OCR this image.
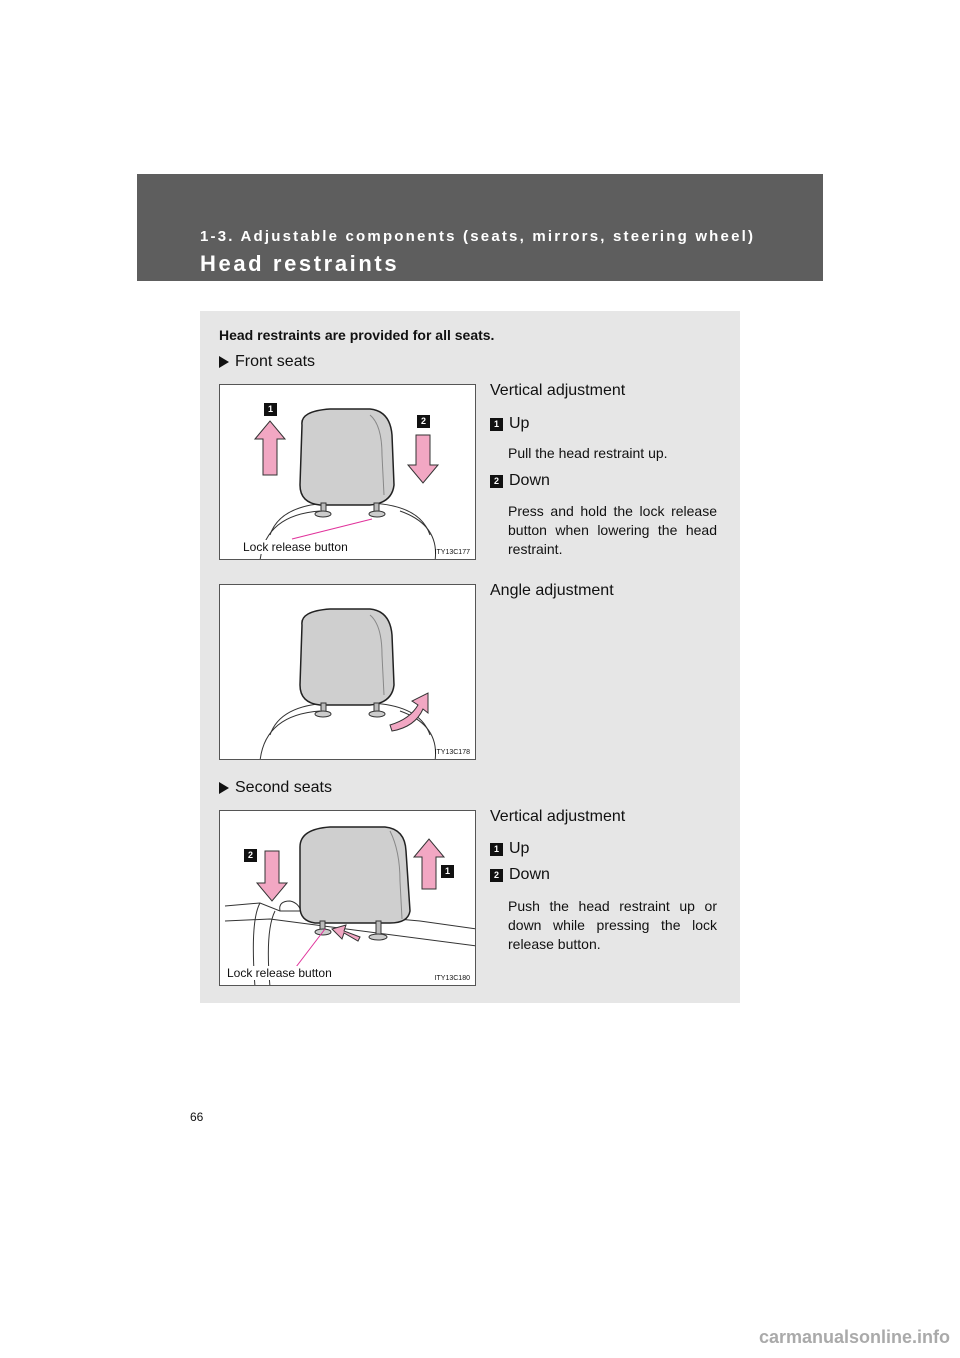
1-3. Adjustable components (seats, mirrors, steering wheel)
Head restraints
Head restraints are provided for all seats.
Front seats
1
2
Lock release button	ITY13C177
Vertical adjustment
1 Up
Pull the head restraint up.
2 Down
Press and hold the lock release button when lowering the head restraint.
ITY13C178
Angle adjustment
Second seats
2
1
Lock release button	ITY13C180
Vertical adjustment
1 Up
2 Down
Push the head restraint up or down while pressing the lock release button.
66
carmanualsonline.info
